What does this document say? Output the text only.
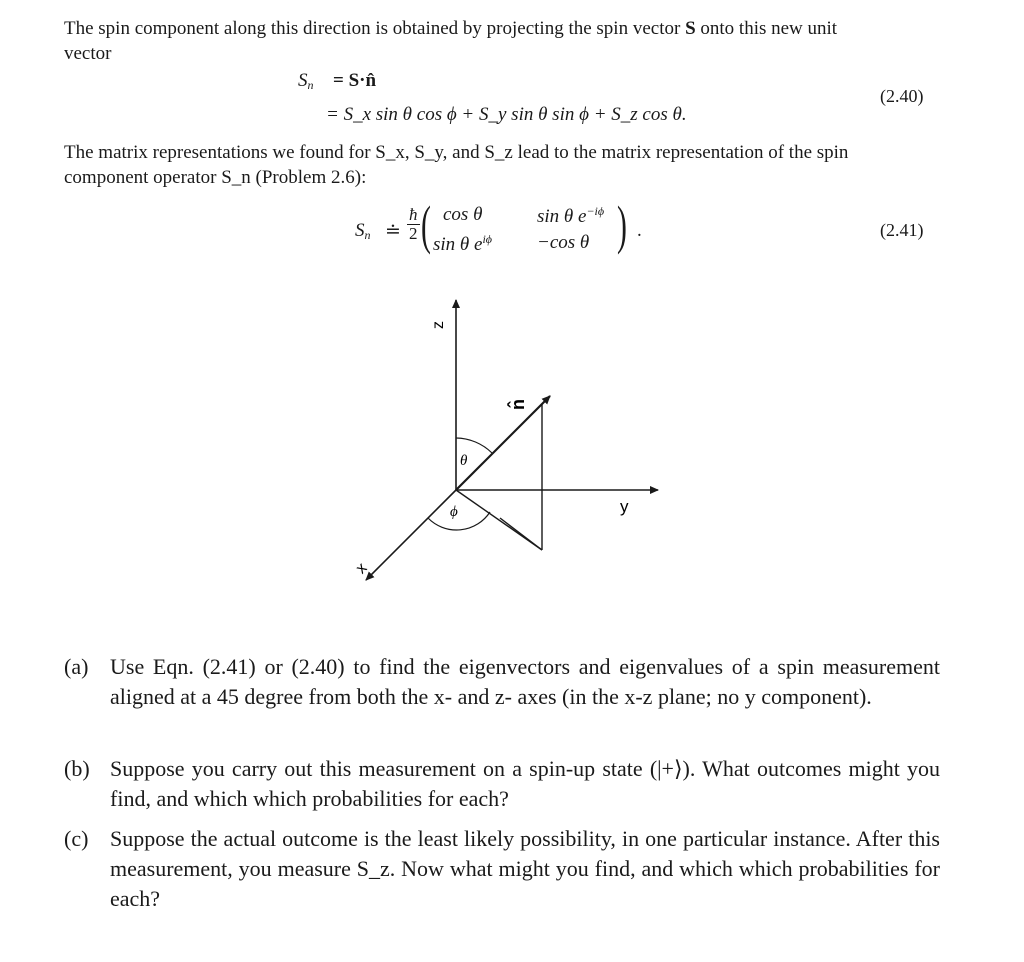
The spin component along this direction is obtained by projecting the spin vector S onto this new unit
vector
$S_n$ = S·n̂
= S_x sin θ cos ϕ + S_y sin θ sin ϕ + S_z cos θ.
(2.40)
The matrix representations we found for S_x, S_y, and S_z lead to the matrix representation of the spin
component operator S_n (Problem 2.6):
$S_n$ ≐ $\frac{ħ}{2}$ ( cos θ	sin θ $e^{-i\phi}$
sin θ $e^{i\phi} -\cos$ θ ) .	(2.41)
z
y
x
n̂
θ
ϕ
(a) Use Eqn. (2.41) or (2.40) to find the eigenvectors and eigenvalues of a spin measurement aligned at a 45 degree from both the x- and z- axes (in the x-z plane; no y component).
(b) Suppose you carry out this measurement on a spin-up state (|+⟩). What outcomes might you find, and which which probabilities for each?
(c) Suppose the actual outcome is the least likely possibility, in one particular instance. After this measurement, you measure S_z. Now what might you find, and which which probabilities for each?
